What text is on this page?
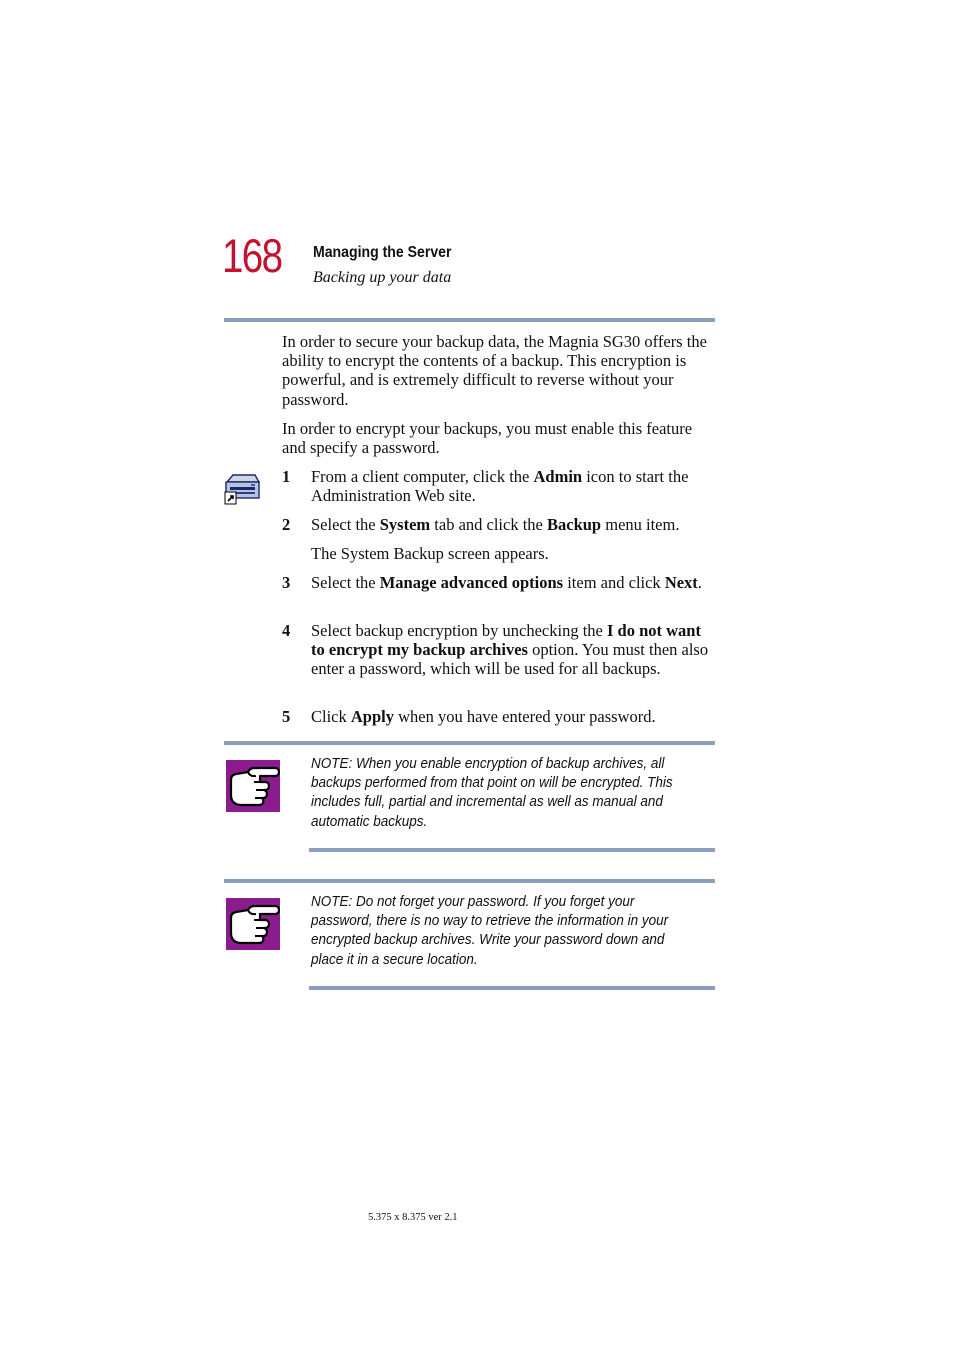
168 Managing the Server
Backing up your data
In order to secure your backup data, the Magnia SG30 offers the ability to encrypt the contents of a backup. This encryption is powerful, and is extremely difficult to reverse without your password.
In order to encrypt your backups, you must enable this feature and specify a password.
1 From a client computer, click the Admin icon to start the Administration Web site.
2 Select the System tab and click the Backup menu item.
The System Backup screen appears.
3 Select the Manage advanced options item and click Next.
4 Select backup encryption by unchecking the I do not want to encrypt my backup archives option. You must then also enter a password, which will be used for all backups.
5 Click Apply when you have entered your password.
NOTE: When you enable encryption of backup archives, all backups performed from that point on will be encrypted. This includes full, partial and incremental as well as manual and automatic backups.
NOTE: Do not forget your password. If you forget your password, there is no way to retrieve the information in your encrypted backup archives. Write your password down and place it in a secure location.
5.375 x 8.375 ver 2.1
